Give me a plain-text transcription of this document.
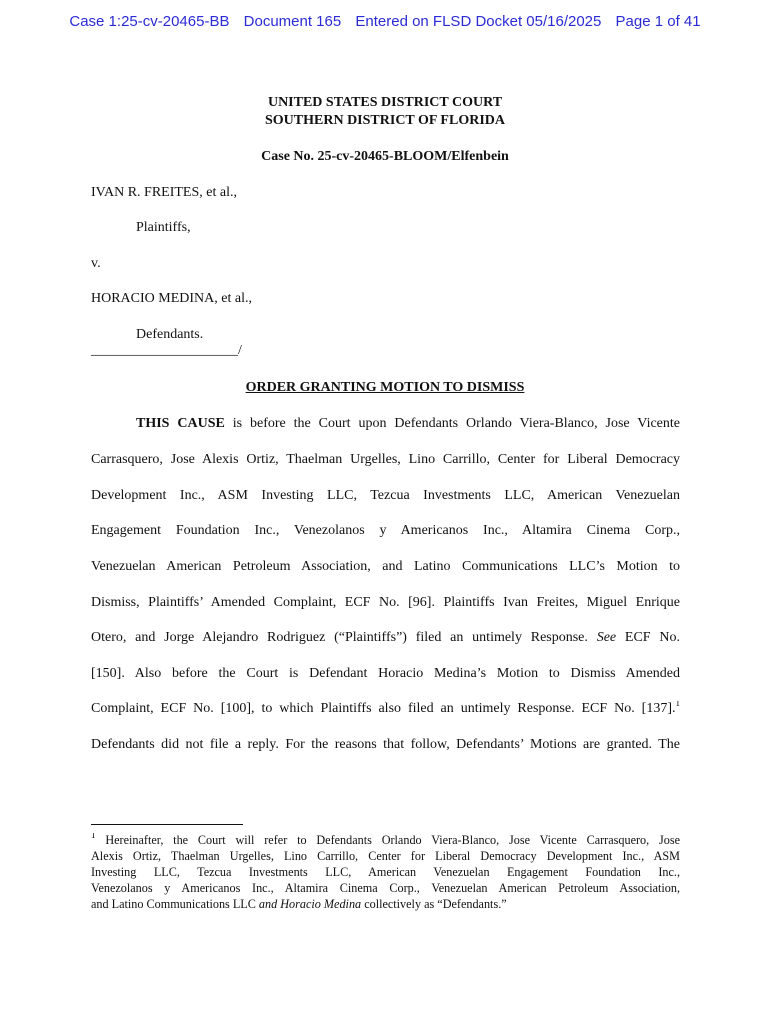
Case 1:25-cv-20465-BB Document 165 Entered on FLSD Docket 05/16/2025 Page 1 of 41
UNITED STATES DISTRICT COURT
SOUTHERN DISTRICT OF FLORIDA
Case No. 25-cv-20465-BLOOM/Elfenbein
IVAN R. FREITES, et al.,
Plaintiffs,
v.
HORACIO MEDINA, et al.,
Defendants.
_____________________/
ORDER GRANTING MOTION TO DISMISS
THIS CAUSE is before the Court upon Defendants Orlando Viera-Blanco, Jose Vicente
Carrasquero, Jose Alexis Ortiz, Thaelman Urgelles, Lino Carrillo, Center for Liberal Democracy
Development Inc., ASM Investing LLC, Tezcua Investments LLC, American Venezuelan
Engagement Foundation Inc., Venezolanos y Americanos Inc., Altamira Cinema Corp.,
Venezuelan American Petroleum Association, and Latino Communications LLC’s Motion to
Dismiss, Plaintiffs’ Amended Complaint, ECF No. [96]. Plaintiffs Ivan Freites, Miguel Enrique
Otero, and Jorge Alejandro Rodriguez (“Plaintiffs”) filed an untimely Response. See ECF No.
[150]. Also before the Court is Defendant Horacio Medina’s Motion to Dismiss Amended
Complaint, ECF No. [100], to which Plaintiffs also filed an untimely Response. ECF No. [137].$^1$
Defendants did not file a reply. For the reasons that follow, Defendants’ Motions are granted. The
$^1$ Hereinafter, the Court will refer to Defendants Orlando Viera-Blanco, Jose Vicente Carrasquero, Jose
Alexis Ortiz, Thaelman Urgelles, Lino Carrillo, Center for Liberal Democracy Development Inc., ASM
Investing LLC, Tezcua Investments LLC, American Venezuelan Engagement Foundation Inc.,
Venezolanos y Americanos Inc., Altamira Cinema Corp., Venezuelan American Petroleum Association,
and Latino Communications LLC and Horacio Medina collectively as “Defendants.”
